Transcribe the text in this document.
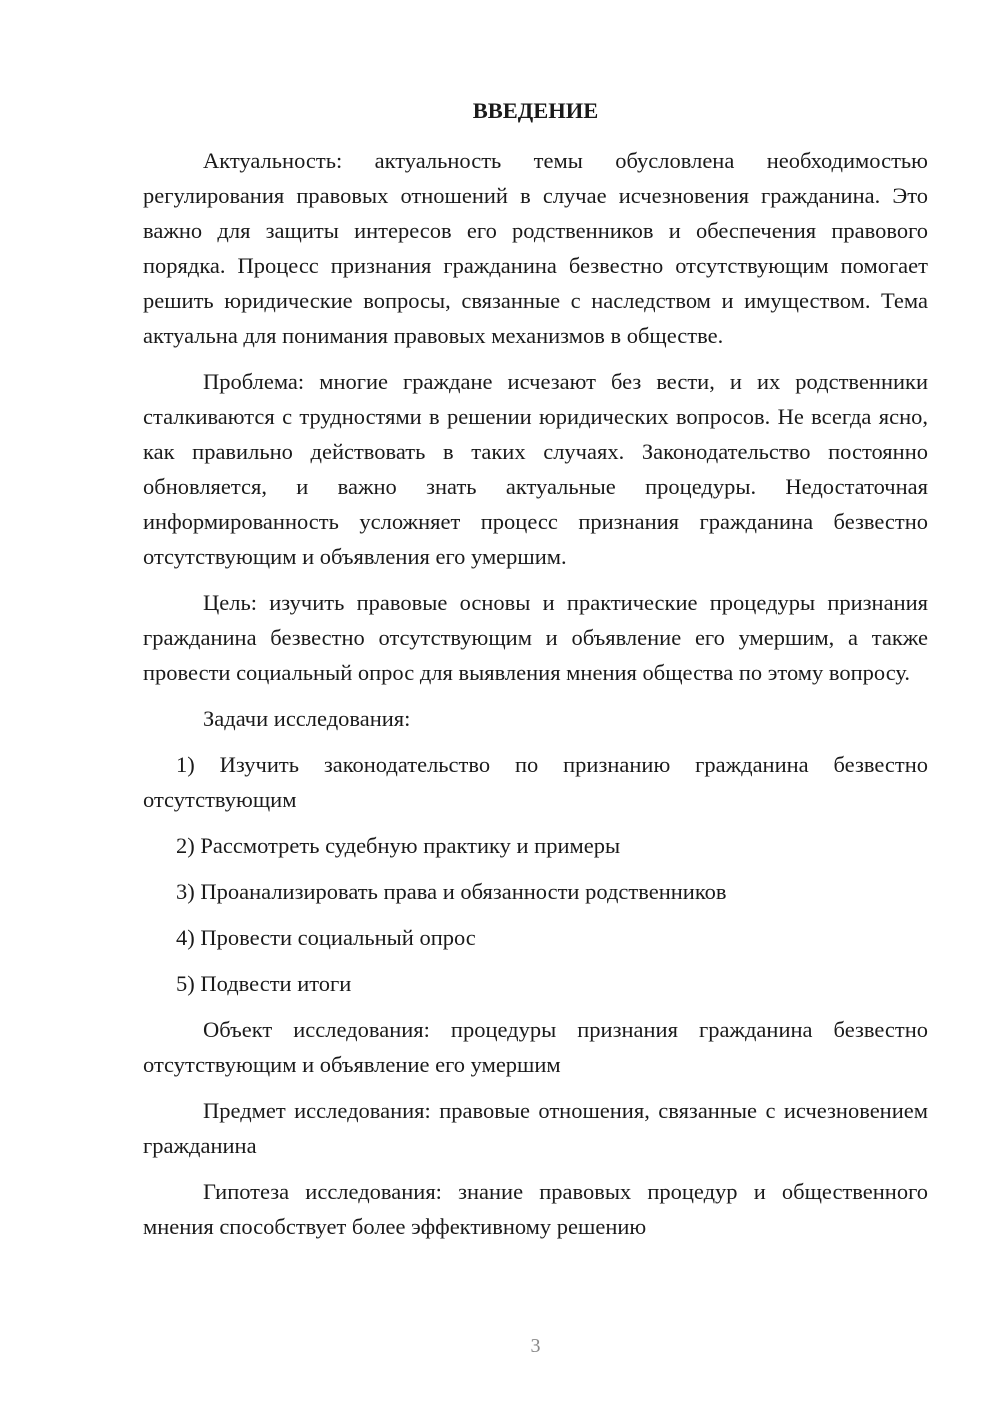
ВВЕДЕНИЕ

Актуальность: актуальность темы обусловлена необходимостью регулирования правовых отношений в случае исчезновения гражданина. Это важно для защиты интересов его родственников и обеспечения правового порядка. Процесс признания гражданина безвестно отсутствующим помогает решить юридические вопросы, связанные с наследством и имуществом. Тема актуальна для понимания правовых механизмов в обществе.

Проблема: многие граждане исчезают без вести, и их родственники сталкиваются с трудностями в решении юридических вопросов. Не всегда ясно, как правильно действовать в таких случаях. Законодательство постоянно обновляется, и важно знать актуальные процедуры. Недостаточная информированность усложняет процесс признания гражданина безвестно отсутствующим и объявления его умершим.

Цель: изучить правовые основы и практические процедуры признания гражданина безвестно отсутствующим и объявление его умершим, а также провести социальный опрос для выявления мнения общества по этому вопросу.

Задачи исследования:

1) Изучить законодательство по признанию гражданина безвестно отсутствующим

2) Рассмотреть судебную практику и примеры

3) Проанализировать права и обязанности родственников

4) Провести социальный опрос

5) Подвести итоги

Объект исследования: процедуры признания гражданина безвестно отсутствующим и объявление его умершим

Предмет исследования: правовые отношения, связанные с исчезновением гражданина

Гипотеза исследования: знание правовых процедур и общественного мнения способствует более эффективному решению

3
